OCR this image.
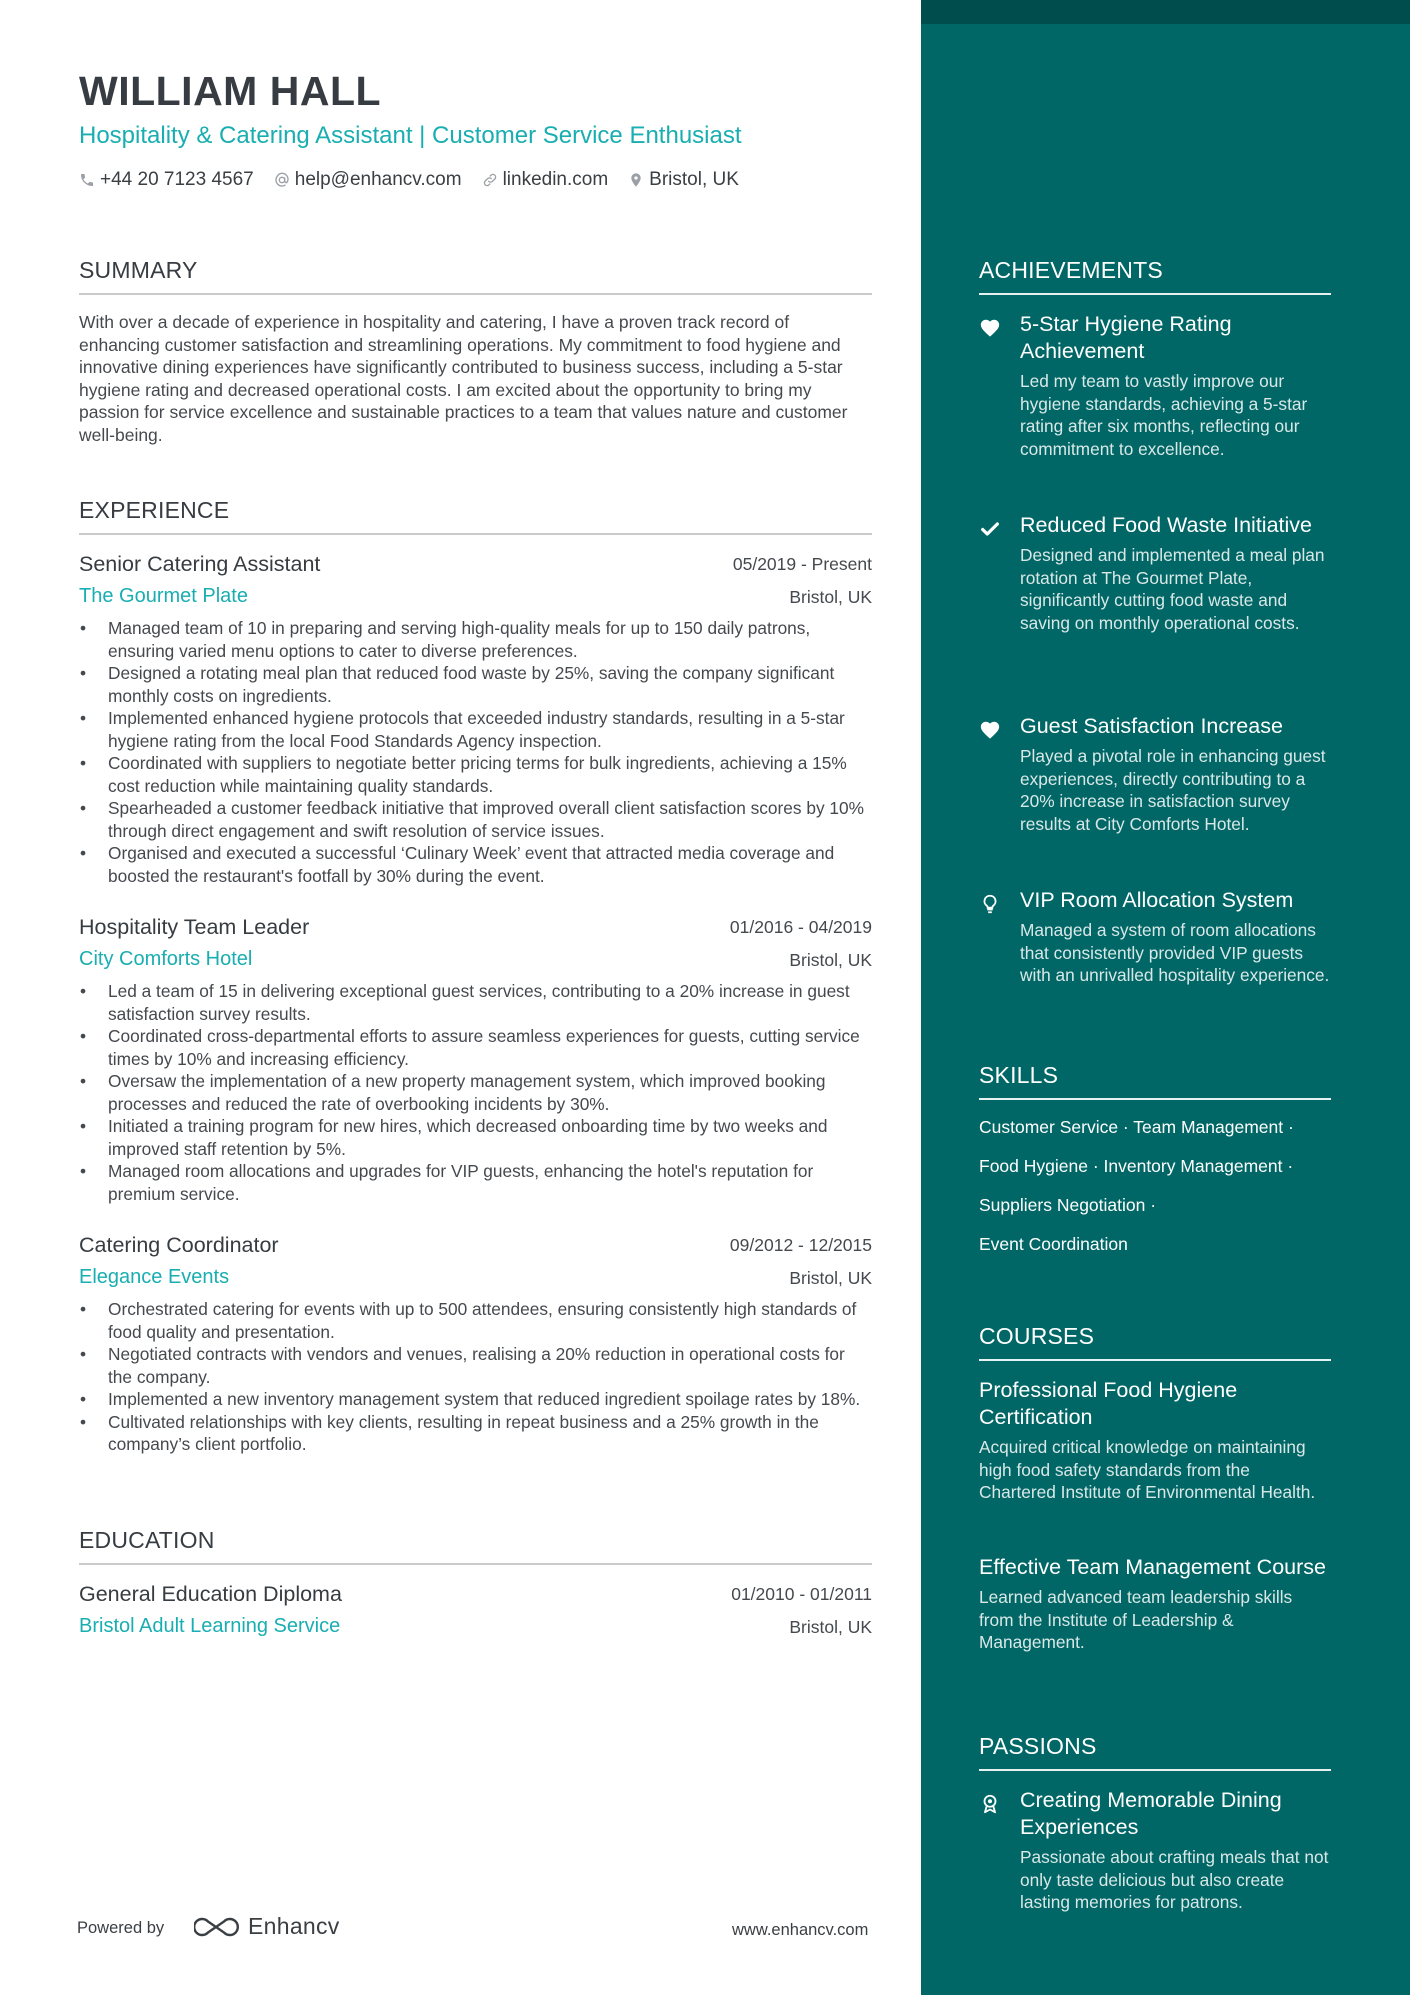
WILLIAM HALL
Hospitality & Catering Assistant | Customer Service Enthusiast
+44 20 7123 4567 help@enhancv.com linkedin.com Bristol, UK
SUMMARY
With over a decade of experience in hospitality and catering, I have a proven track record of enhancing customer satisfaction and streamlining operations. My commitment to food hygiene and innovative dining experiences have significantly contributed to business success, including a 5-star hygiene rating and decreased operational costs. I am excited about the opportunity to bring my passion for service excellence and sustainable practices to a team that values nature and customer well-being.
EXPERIENCE
Senior Catering Assistant	05/2019 - Present
The Gourmet Plate	Bristol, UK
• Managed team of 10 in preparing and serving high-quality meals for up to 150 daily patrons, ensuring varied menu options to cater to diverse preferences.
• Designed a rotating meal plan that reduced food waste by 25%, saving the company significant monthly costs on ingredients.
• Implemented enhanced hygiene protocols that exceeded industry standards, resulting in a 5-star hygiene rating from the local Food Standards Agency inspection.
• Coordinated with suppliers to negotiate better pricing terms for bulk ingredients, achieving a 15% cost reduction while maintaining quality standards.
• Spearheaded a customer feedback initiative that improved overall client satisfaction scores by 10% through direct engagement and swift resolution of service issues.
• Organised and executed a successful ‘Culinary Week’ event that attracted media coverage and boosted the restaurant's footfall by 30% during the event.
Hospitality Team Leader	01/2016 - 04/2019
City Comforts Hotel	Bristol, UK
• Led a team of 15 in delivering exceptional guest services, contributing to a 20% increase in guest satisfaction survey results.
• Coordinated cross-departmental efforts to assure seamless experiences for guests, cutting service times by 10% and increasing efficiency.
• Oversaw the implementation of a new property management system, which improved booking processes and reduced the rate of overbooking incidents by 30%.
• Initiated a training program for new hires, which decreased onboarding time by two weeks and improved staff retention by 5%.
• Managed room allocations and upgrades for VIP guests, enhancing the hotel's reputation for premium service.
Catering Coordinator	09/2012 - 12/2015
Elegance Events	Bristol, UK
• Orchestrated catering for events with up to 500 attendees, ensuring consistently high standards of food quality and presentation.
• Negotiated contracts with vendors and venues, realising a 20% reduction in operational costs for the company.
• Implemented a new inventory management system that reduced ingredient spoilage rates by 18%.
• Cultivated relationships with key clients, resulting in repeat business and a 25% growth in the company’s client portfolio.
EDUCATION
General Education Diploma	01/2010 - 01/2011
Bristol Adult Learning Service	Bristol, UK
ACHIEVEMENTS
5-Star Hygiene Rating Achievement
Led my team to vastly improve our hygiene standards, achieving a 5-star rating after six months, reflecting our commitment to excellence.
Reduced Food Waste Initiative
Designed and implemented a meal plan rotation at The Gourmet Plate, significantly cutting food waste and saving on monthly operational costs.
Guest Satisfaction Increase
Played a pivotal role in enhancing guest experiences, directly contributing to a 20% increase in satisfaction survey results at City Comforts Hotel.
VIP Room Allocation System
Managed a system of room allocations that consistently provided VIP guests with an unrivalled hospitality experience.
SKILLS
Customer Service · Team Management ·
Food Hygiene · Inventory Management ·
Suppliers Negotiation ·
Event Coordination
COURSES
Professional Food Hygiene Certification
Acquired critical knowledge on maintaining high food safety standards from the Chartered Institute of Environmental Health.
Effective Team Management Course
Learned advanced team leadership skills from the Institute of Leadership & Management.
PASSIONS
Creating Memorable Dining Experiences
Passionate about crafting meals that not only taste delicious but also create lasting memories for patrons.
Powered by	Enhancv	www.enhancv.com
